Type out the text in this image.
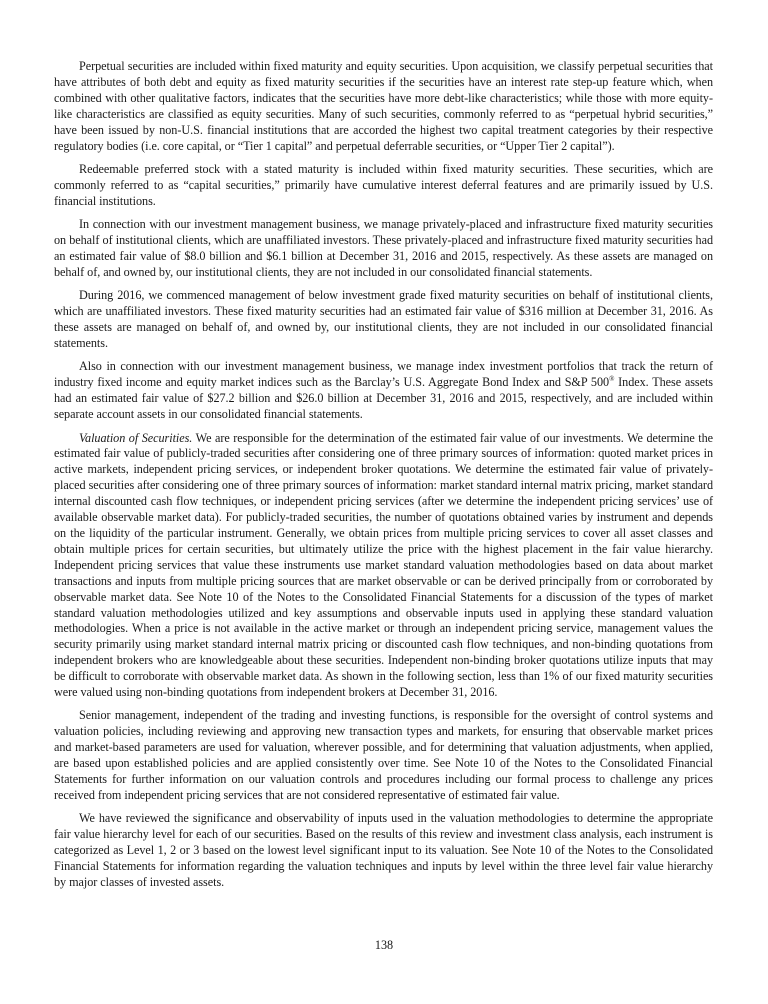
Perpetual securities are included within fixed maturity and equity securities. Upon acquisition, we classify perpetual securities that have attributes of both debt and equity as fixed maturity securities if the securities have an interest rate step-up feature which, when combined with other qualitative factors, indicates that the securities have more debt-like characteristics; while those with more equity-like characteristics are classified as equity securities. Many of such securities, commonly referred to as “perpetual hybrid securities,” have been issued by non-U.S. financial institutions that are accorded the highest two capital treatment categories by their respective regulatory bodies (i.e. core capital, or “Tier 1 capital” and perpetual deferrable securities, or “Upper Tier 2 capital”).

Redeemable preferred stock with a stated maturity is included within fixed maturity securities. These securities, which are commonly referred to as “capital securities,” primarily have cumulative interest deferral features and are primarily issued by U.S. financial institutions.

In connection with our investment management business, we manage privately-placed and infrastructure fixed maturity securities on behalf of institutional clients, which are unaffiliated investors. These privately-placed and infrastructure fixed maturity securities had an estimated fair value of $8.0 billion and $6.1 billion at December 31, 2016 and 2015, respectively. As these assets are managed on behalf of, and owned by, our institutional clients, they are not included in our consolidated financial statements.

During 2016, we commenced management of below investment grade fixed maturity securities on behalf of institutional clients, which are unaffiliated investors. These fixed maturity securities had an estimated fair value of $316 million at December 31, 2016. As these assets are managed on behalf of, and owned by, our institutional clients, they are not included in our consolidated financial statements.

Also in connection with our investment management business, we manage index investment portfolios that track the return of industry fixed income and equity market indices such as the Barclay’s U.S. Aggregate Bond Index and S&P 500® Index. These assets had an estimated fair value of $27.2 billion and $26.0 billion at December 31, 2016 and 2015, respectively, and are included within separate account assets in our consolidated financial statements.

Valuation of Securities. We are responsible for the determination of the estimated fair value of our investments. We determine the estimated fair value of publicly-traded securities after considering one of three primary sources of information: quoted market prices in active markets, independent pricing services, or independent broker quotations. We determine the estimated fair value of privately-placed securities after considering one of three primary sources of information: market standard internal matrix pricing, market standard internal discounted cash flow techniques, or independent pricing services (after we determine the independent pricing services’ use of available observable market data). For publicly-traded securities, the number of quotations obtained varies by instrument and depends on the liquidity of the particular instrument. Generally, we obtain prices from multiple pricing services to cover all asset classes and obtain multiple prices for certain securities, but ultimately utilize the price with the highest placement in the fair value hierarchy. Independent pricing services that value these instruments use market standard valuation methodologies based on data about market transactions and inputs from multiple pricing sources that are market observable or can be derived principally from or corroborated by observable market data. See Note 10 of the Notes to the Consolidated Financial Statements for a discussion of the types of market standard valuation methodologies utilized and key assumptions and observable inputs used in applying these standard valuation methodologies. When a price is not available in the active market or through an independent pricing service, management values the security primarily using market standard internal matrix pricing or discounted cash flow techniques, and non-binding quotations from independent brokers who are knowledgeable about these securities. Independent non-binding broker quotations utilize inputs that may be difficult to corroborate with observable market data. As shown in the following section, less than 1% of our fixed maturity securities were valued using non-binding quotations from independent brokers at December 31, 2016.

Senior management, independent of the trading and investing functions, is responsible for the oversight of control systems and valuation policies, including reviewing and approving new transaction types and markets, for ensuring that observable market prices and market-based parameters are used for valuation, wherever possible, and for determining that valuation adjustments, when applied, are based upon established policies and are applied consistently over time. See Note 10 of the Notes to the Consolidated Financial Statements for further information on our valuation controls and procedures including our formal process to challenge any prices received from independent pricing services that are not considered representative of estimated fair value.

We have reviewed the significance and observability of inputs used in the valuation methodologies to determine the appropriate fair value hierarchy level for each of our securities. Based on the results of this review and investment class analysis, each instrument is categorized as Level 1, 2 or 3 based on the lowest level significant input to its valuation. See Note 10 of the Notes to the Consolidated Financial Statements for information regarding the valuation techniques and inputs by level within the three level fair value hierarchy by major classes of invested assets.

138
